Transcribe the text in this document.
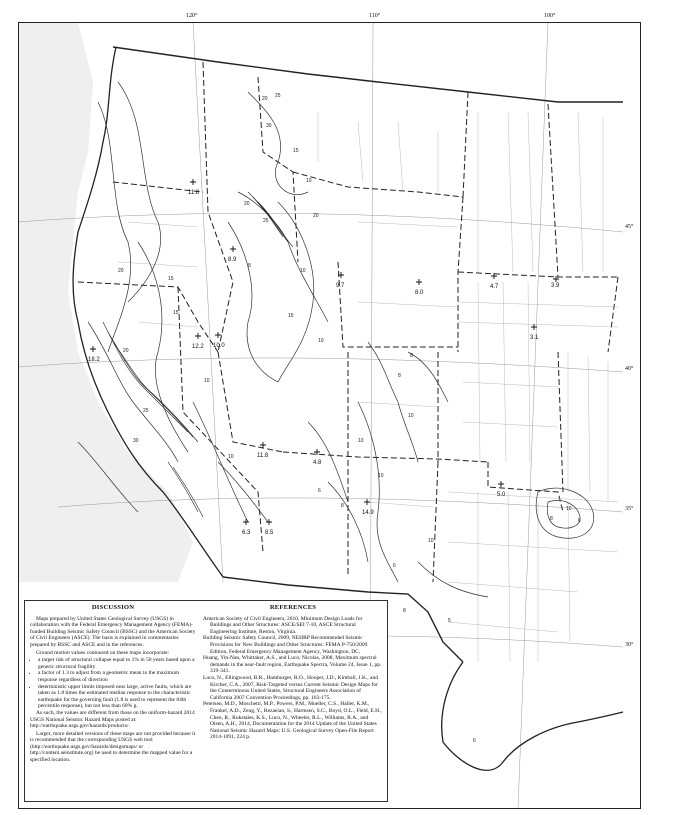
120°	110°	100°
45°
40°
35°
30°
11.8
8.9
9.7
8.0
4.7	3.9
3.1
18.2
12.2 10.0
11.8
4.8
6.3 8.5
14.9
5.0
20 25
15
30
10
8
20
15
10
25
20
30
10
15
20
10
8
10
6
8
10
15
25
20
10
10
8
6
5
8
10
6
8
10
6
DISCUSSION

Maps prepared by United States Geological Survey (USGS) in collaboration with the Federal Emergency Management Agency (FEMA)-funded Building Seismic Safety Council (BSSC) and the American Society of Civil Engineers (ASCE). The basis is explained in commentaries prepared by BSSC and ASCE and in the references.

Ground motion values contoured on these maps incorporate:

• a target risk of structural collapse equal to 1% in 50 years based upon a generic structural fragility
• a factor of 1.3 to adjust from a geometric mean to the maximum response regardless of direction
• deterministic upper limits imposed near large, active faults, which are taken as 1.8 times the estimated median response to the characteristic earthquake for the governing fault (1.8 is used to represent the 84th percentile response), but not less than 60% g.

As such, the values are different from those on the uniform-hazard 2014 USGS National Seismic Hazard Maps posted at: http://earthquake.usgs.gov/hazards/products/.

Larger, more detailed versions of these maps are not provided because it is recommended that the corresponding USGS web tool (http://earthquake.usgs.gov/hazards/designmaps/ or http://content.seinstitute.org) be used to determine the mapped value for a specified location.

REFERENCES

American Society of Civil Engineers, 2010, Minimum Design Loads for Buildings and Other Structures: ASCE/SEI 7-10, ASCE Structural Engineering Institute, Reston, Virginia.

Building Seismic Safety Council, 2009, NEHRP Recommended Seismic Provisions for New Buildings and Other Structures: FEMA P-750/2009 Edition, Federal Emergency Management Agency, Washington, DC.

Huang, Yin-Nan, Whittaker, A.S., and Luco, Nicolas, 2008, Maximum spectral demands in the near-fault region, Earthquake Spectra, Volume 24, Issue 1, pp. 319-341.

Luco, N., Ellingwood, B.R., Hamburger, R.O., Hooper, J.D., Kimball, J.K., and Kircher, C.A., 2007, Risk-Targeted versus Current Seismic Design Maps for the Conterminous United States, Structural Engineers Association of California 2007 Convention Proceedings, pp. 163-175.

Petersen, M.D., Moschetti, M.P., Powers, P.M., Mueller, C.S., Haller, K.M., Frankel, A.D., Zeng, Y., Rezaeian, S., Harmsen, S.C., Boyd, O.L., Field, E.H., Chen, R., Rukstales, K.S., Luco, N., Wheeler, R.L., Williams, R.A., and Olsen, A.H., 2014, Documentation for the 2014 Update of the United States National Seismic Hazard Maps: U.S. Geological Survey Open-File Report 2014-1091, 224 p.
